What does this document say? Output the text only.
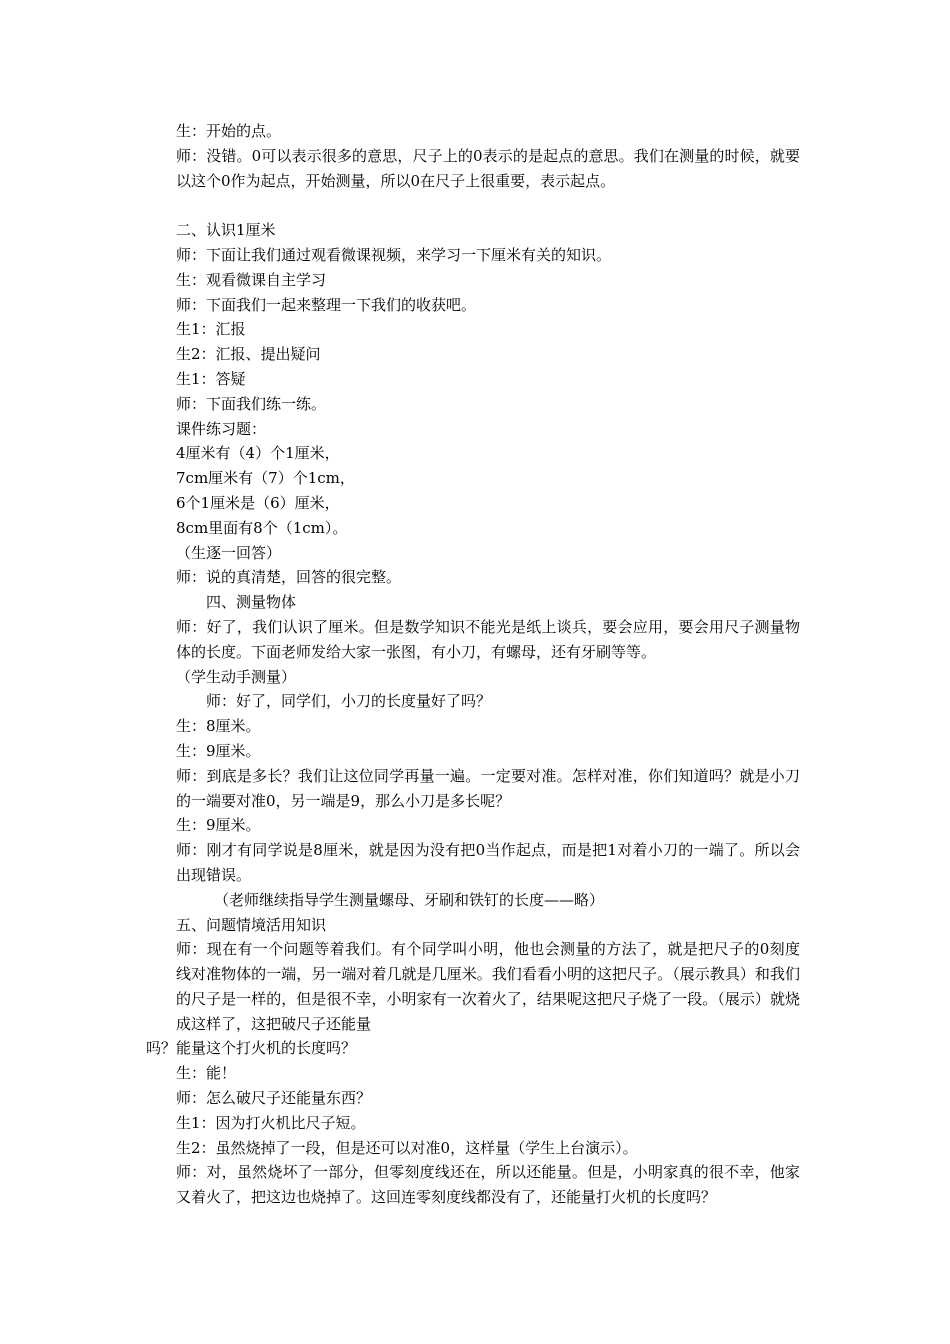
生：开始的点。
师：没错。0可以表示很多的意思，尺子上的0表示的是起点的意思。我们在测量的时候，就要以这个0作为起点，开始测量，所以0在尺子上很重要，表示起点。
二、认识1厘米
师：下面让我们通过观看微课视频，来学习一下厘米有关的知识。
生：观看微课自主学习
师：下面我们一起来整理一下我们的收获吧。
生1：汇报
生2：汇报、提出疑问
生1：答疑
师：下面我们练一练。
课件练习题：
4厘米有（4）个1厘米，
7cm厘米有（7）个1cm，
6个1厘米是（6）厘米，
8cm里面有8个（1cm）。
（生逐一回答）
师：说的真清楚，回答的很完整。
四、测量物体
师：好了，我们认识了厘米。但是数学知识不能光是纸上谈兵，要会应用，要会用尺子测量物体的长度。下面老师发给大家一张图，有小刀，有螺母，还有牙刷等等。
（学生动手测量）
师：好了，同学们，小刀的长度量好了吗？
生：8厘米。
生：9厘米。
师：到底是多长？我们让这位同学再量一遍。一定要对准。怎样对准，你们知道吗？就是小刀的一端要对准0，另一端是9，那么小刀是多长呢？
生：9厘米。
师：刚才有同学说是8厘米，就是因为没有把0当作起点，而是把1对着小刀的一端了。所以会出现错误。
（老师继续指导学生测量螺母、牙刷和铁钉的长度——略）
五、问题情境活用知识
师：现在有一个问题等着我们。有个同学叫小明，他也会测量的方法了，就是把尺子的0刻度线对准物体的一端，另一端对着几就是几厘米。我们看看小明的这把尺子。（展示教具）和我们的尺子是一样的，但是很不幸，小明家有一次着火了，结果呢这把尺子烧了一段。（展示）就烧成这样了，这把破尺子还能量
吗？能量这个打火机的长度吗？
生：能！
师：怎么破尺子还能量东西？
生1：因为打火机比尺子短。
生2：虽然烧掉了一段，但是还可以对准0，这样量（学生上台演示）。
师：对，虽然烧坏了一部分，但零刻度线还在，所以还能量。但是，小明家真的很不幸，他家又着火了，把这边也烧掉了。这回连零刻度线都没有了，还能量打火机的长度吗？
